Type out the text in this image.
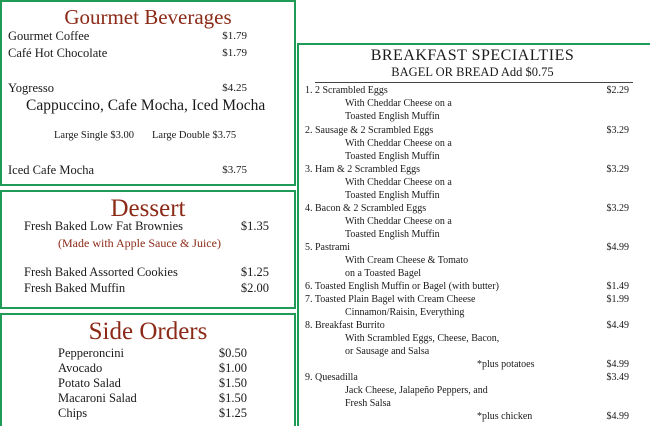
Gourmet Beverages
Gourmet Coffee	$1.79
Café Hot Chocolate	$1.79
Yogresso	$4.25
Cappuccino, Cafe Mocha, Iced Mocha
Large Single $3.00 Large Double $3.75
Iced Cafe Mocha	$3.75
Dessert
Fresh Baked Low Fat Brownies	$1.35
(Made with Apple Sauce & Juice)
Fresh Baked Assorted Cookies	$1.25
Fresh Baked Muffin	$2.00
Side Orders
Pepperoncini	$0.50
Avocado	$1.00
Potato Salad	$1.50
Macaroni Salad	$1.50
Chips	$1.25
BREAKFAST SPECIALTIES
BAGEL OR BREAD Add $0.75
1. 2 Scrambled Eggs	$2.29
With Cheddar Cheese on a
Toasted English Muffin
2. Sausage & 2 Scrambled Eggs	$3.29
With Cheddar Cheese on a
Toasted English Muffin
3. Ham & 2 Scrambled Eggs	$3.29
With Cheddar Cheese on a
Toasted English Muffin
4. Bacon & 2 Scrambled Eggs	$3.29
With Cheddar Cheese on a
Toasted English Muffin
5. Pastrami	$4.99
With Cream Cheese & Tomato
on a Toasted Bagel
6. Toasted English Muffin or Bagel (with butter)	$1.49
7. Toasted Plain Bagel with Cream Cheese	$1.99
Cinnamon/Raisin, Everything
8. Breakfast Burrito	$4.49
With Scrambled Eggs, Cheese, Bacon,
or Sausage and Salsa
*plus potatoes	$4.99
9. Quesadilla	$3.49
Jack Cheese, Jalapeño Peppers, and
Fresh Salsa
*plus chicken	$4.99
